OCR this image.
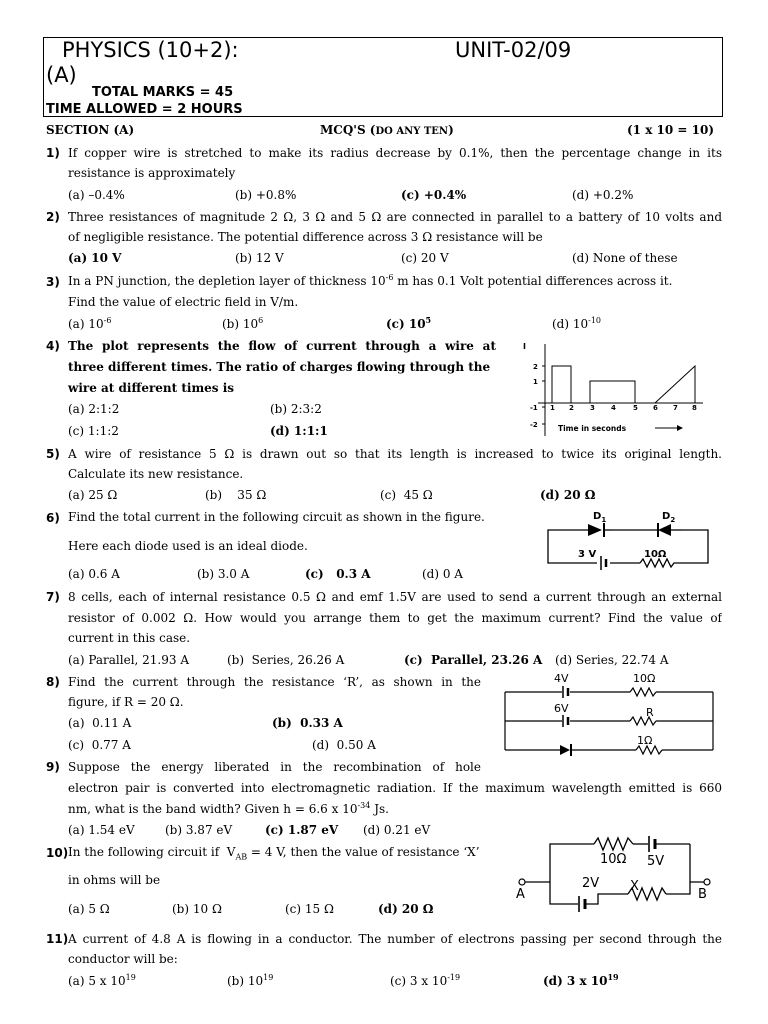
PHYSICS (10+2):	UNIT-02/09
(A)
TOTAL MARKS = 45
TIME ALLOWED = 2 HOURS
SECTION (A)	MCQ'S (DO ANY TEN)	(1 x 10 = 10)
1) If copper wire is stretched to make its radius decrease by 0.1%, then the percentage change in its
resistance is approximately
(a) –0.4%	(b) +0.8%	(c) +0.4%	(d) +0.2%
2) Three resistances of magnitude 2 Ω, 3 Ω and 5 Ω are connected in parallel to a battery of 10 volts and
of negligible resistance. The potential difference across 3 Ω resistance will be
(a) 10 V	(b) 12 V	(c) 20 V	(d) None of these
3) In a PN junction, the depletion layer of thickness $10^{-6}$ m has 0.1 Volt potential differences across it.
Find the value of electric field in V/m.
(a) $10^{-6}$	(b) $10^6$	(c) $10^5$	(d) $10^{-10}$
4) The plot represents the flow of current through a wire at
three different times. The ratio of charges flowing through the
wire at different times is
(a) 2:1:2	(b) 2:3:2
(c) 1:1:2	(d) 1:1:1
I
2
1
-1
-2
1 2 3 4 5 6 7 8
Time in seconds
5) A wire of resistance 5 Ω is drawn out so that its length is increased to twice its original length.
Calculate its new resistance.
(a) 25 Ω	(b)    35 Ω	(c)  45 Ω	(d) 20 Ω
6) Find the total current in the following circuit as shown in the figure.
Here each diode used is an ideal diode.
(a) 0.6 A	(b) 3.0 A	(c)   0.3 A	(d) 0 A
$D_1$	$D_2$
3 V	10Ω
7) 8 cells, each of internal resistance 0.5 Ω and emf 1.5V are used to send a current through an external
resistor of 0.002 Ω. How would you arrange them to get the maximum current? Find the value of
current in this case.
(a) Parallel, 21.93 A	(b)  Series, 26.26 A	(c)  Parallel, 23.26 A (d) Series, 22.74 A
8) Find the current through the resistance ‘R’, as shown in the
figure, if R = 20 Ω.
(a)  0.11 A	(b)  0.33 A
(c)  0.77 A	(d)  0.50 A
4V	10Ω
6V	R
1Ω
9) Suppose the energy liberated in the recombination of hole
electron pair is converted into electromagnetic radiation. If the maximum wavelength emitted is 660
nm, what is the band width? Given h = 6.6 x $10^{-34}$ Js.
(a) 1.54 eV	(b) 3.87 eV	(c) 1.87 eV (d) 0.21 eV
10) In the following circuit if  $V_{AB} = 4$ V, then the value of resistance ‘X’
in ohms will be
(a) 5 Ω	(b) 10 Ω	(c) 15 Ω	(d) 20 Ω
10Ω 5V
2V X
A	B
11) A current of 4.8 A is flowing in a conductor. The number of electrons passing per second through the
conductor will be:
(a) 5 x $10^{19}$	(b) $10^{19}$	(c) 3 x $10^{-19}$	(d) 3 x $10^{19}$
